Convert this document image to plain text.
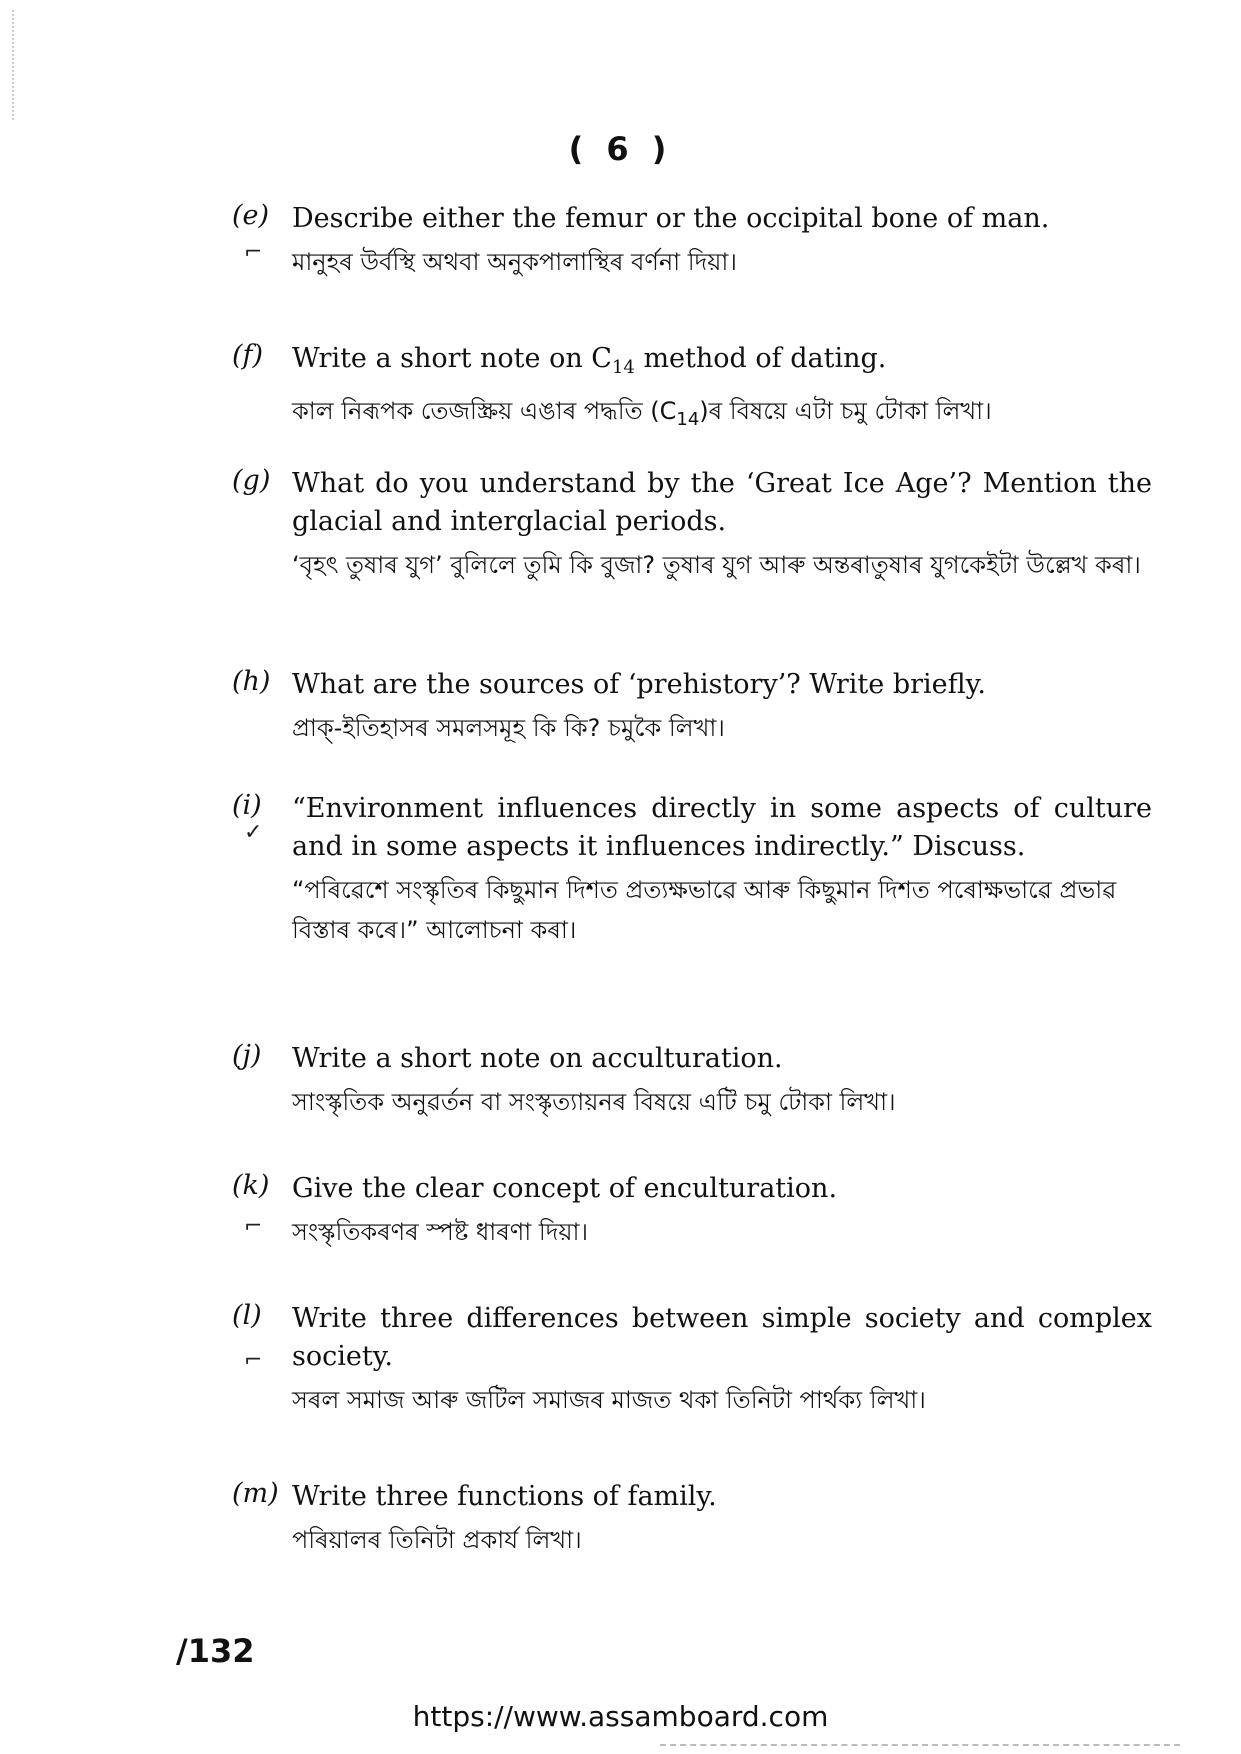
( 6 )
(e) Describe either the femur or the occipital bone of man.
মানুহৰ উৰ্বস্থি অথবা অনুকপালাস্থিৰ বৰ্ণনা দিয়া।
⌐
(f)	Write a short note on $C_{14}$ method of dating.
কাল নিৰূপক তেজস্ক্ৰিয় এঙাৰ পদ্ধতি $(C_{14})ৰ$ বিষয়ে এটা চমু টোকা লিখা।
(g) What do you understand by the ‘Great Ice Age’? Mention the glacial and interglacial periods.
‘বৃহৎ তুষাৰ যুগ’ বুলিলে তুমি কি বুজা? তুষাৰ যুগ আৰু অন্তৰাতুষাৰ যুগকেইটা উল্লেখ কৰা।
(h) What are the sources of ‘prehistory’? Write briefly.
প্ৰাক্-ইতিহাসৰ সমলসমূহ কি কি? চমুকৈ লিখা।
(i)	“Environment influences directly in some aspects of culture and in some aspects it influences indirectly.” Discuss.
“পৰিৱেশে সংস্কৃতিৰ কিছুমান দিশত প্ৰত্যক্ষভাৱে আৰু কিছুমান দিশত পৰোক্ষভাৱে প্ৰভাৱ বিস্তাৰ কৰে।” আলোচনা কৰা।
✓
(j)	Write a short note on acculturation.
সাংস্কৃতিক অনুৱৰ্তন বা সংস্কৃত্যায়নৰ বিষয়ে এটি চমু টোকা লিখা।
(k) Give the clear concept of enculturation.
সংস্কৃতিকৰণৰ স্পষ্ট ধাৰণা দিয়া।
⌐
(l)	Write three differences between simple society and complex society.
সৰল সমাজ আৰু জটিল সমাজৰ মাজত থকা তিনিটা পাৰ্থক্য লিখা।
⌐
(m) Write three functions of family.
পৰিয়ালৰ তিনিটা প্ৰকাৰ্য লিখা।
/132
https://www.assamboard.com
